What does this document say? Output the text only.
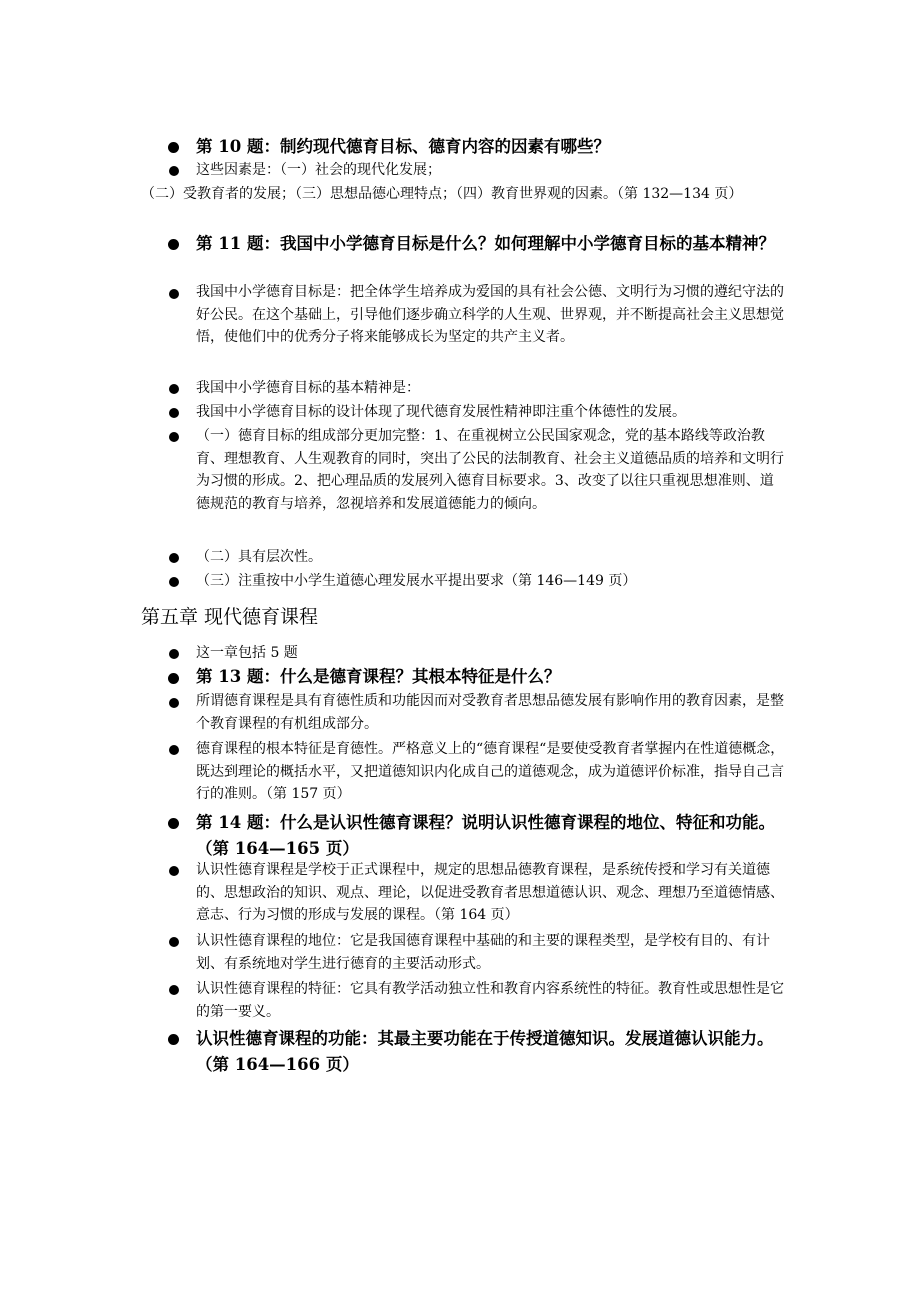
第 10 题：制约现代德育目标、德育内容的因素有哪些？
这些因素是：（一）社会的现代化发展；
（二）受教育者的发展；（三）思想品德心理特点；（四）教育世界观的因素。（第 132—134 页）
第 11 题：我国中小学德育目标是什么？如何理解中小学德育目标的基本精神？
我国中小学德育目标是：把全体学生培养成为爱国的具有社会公德、文明行为习惯的遵纪守法的好公民。在这个基础上，引导他们逐步确立科学的人生观、世界观，并不断提高社会主义思想觉悟，使他们中的优秀分子将来能够成长为坚定的共产主义者。
我国中小学德育目标的基本精神是：
我国中小学德育目标的设计体现了现代德育发展性精神即注重个体德性的发展。
（一）德育目标的组成部分更加完整：1、在重视树立公民国家观念，党的基本路线等政治教育、理想教育、人生观教育的同时，突出了公民的法制教育、社会主义道德品质的培养和文明行为习惯的形成。2、把心理品质的发展列入德育目标要求。3、改变了以往只重视思想准则、道德规范的教育与培养，忽视培养和发展道德能力的倾向。
（二）具有层次性。
（三）注重按中小学生道德心理发展水平提出要求（第 146—149 页）
第五章 现代德育课程
这一章包括 5 题
第 13 题：什么是德育课程？其根本特征是什么？
所谓德育课程是具有育德性质和功能因而对受教育者思想品德发展有影响作用的教育因素，是整个教育课程的有机组成部分。
德育课程的根本特征是育德性。严格意义上的“德育课程“是要使受教育者掌握内在性道德概念，既达到理论的概括水平，又把道德知识内化成自己的道德观念，成为道德评价标准，指导自己言行的准则。（第 157 页）
第 14 题：什么是认识性德育课程？说明认识性德育课程的地位、特征和功能。（第 164—165 页）
认识性德育课程是学校于正式课程中，规定的思想品德教育课程，是系统传授和学习有关道德的、思想政治的知识、观点、理论，以促进受教育者思想道德认识、观念、理想乃至道德情感、意志、行为习惯的形成与发展的课程。（第 164 页）
认识性德育课程的地位：它是我国德育课程中基础的和主要的课程类型，是学校有目的、有计划、有系统地对学生进行德育的主要活动形式。
认识性德育课程的特征：它具有教学活动独立性和教育内容系统性的特征。教育性或思想性是它的第一要义。
认识性德育课程的功能：其最主要功能在于传授道德知识。发展道德认识能力。（第 164—166 页）
